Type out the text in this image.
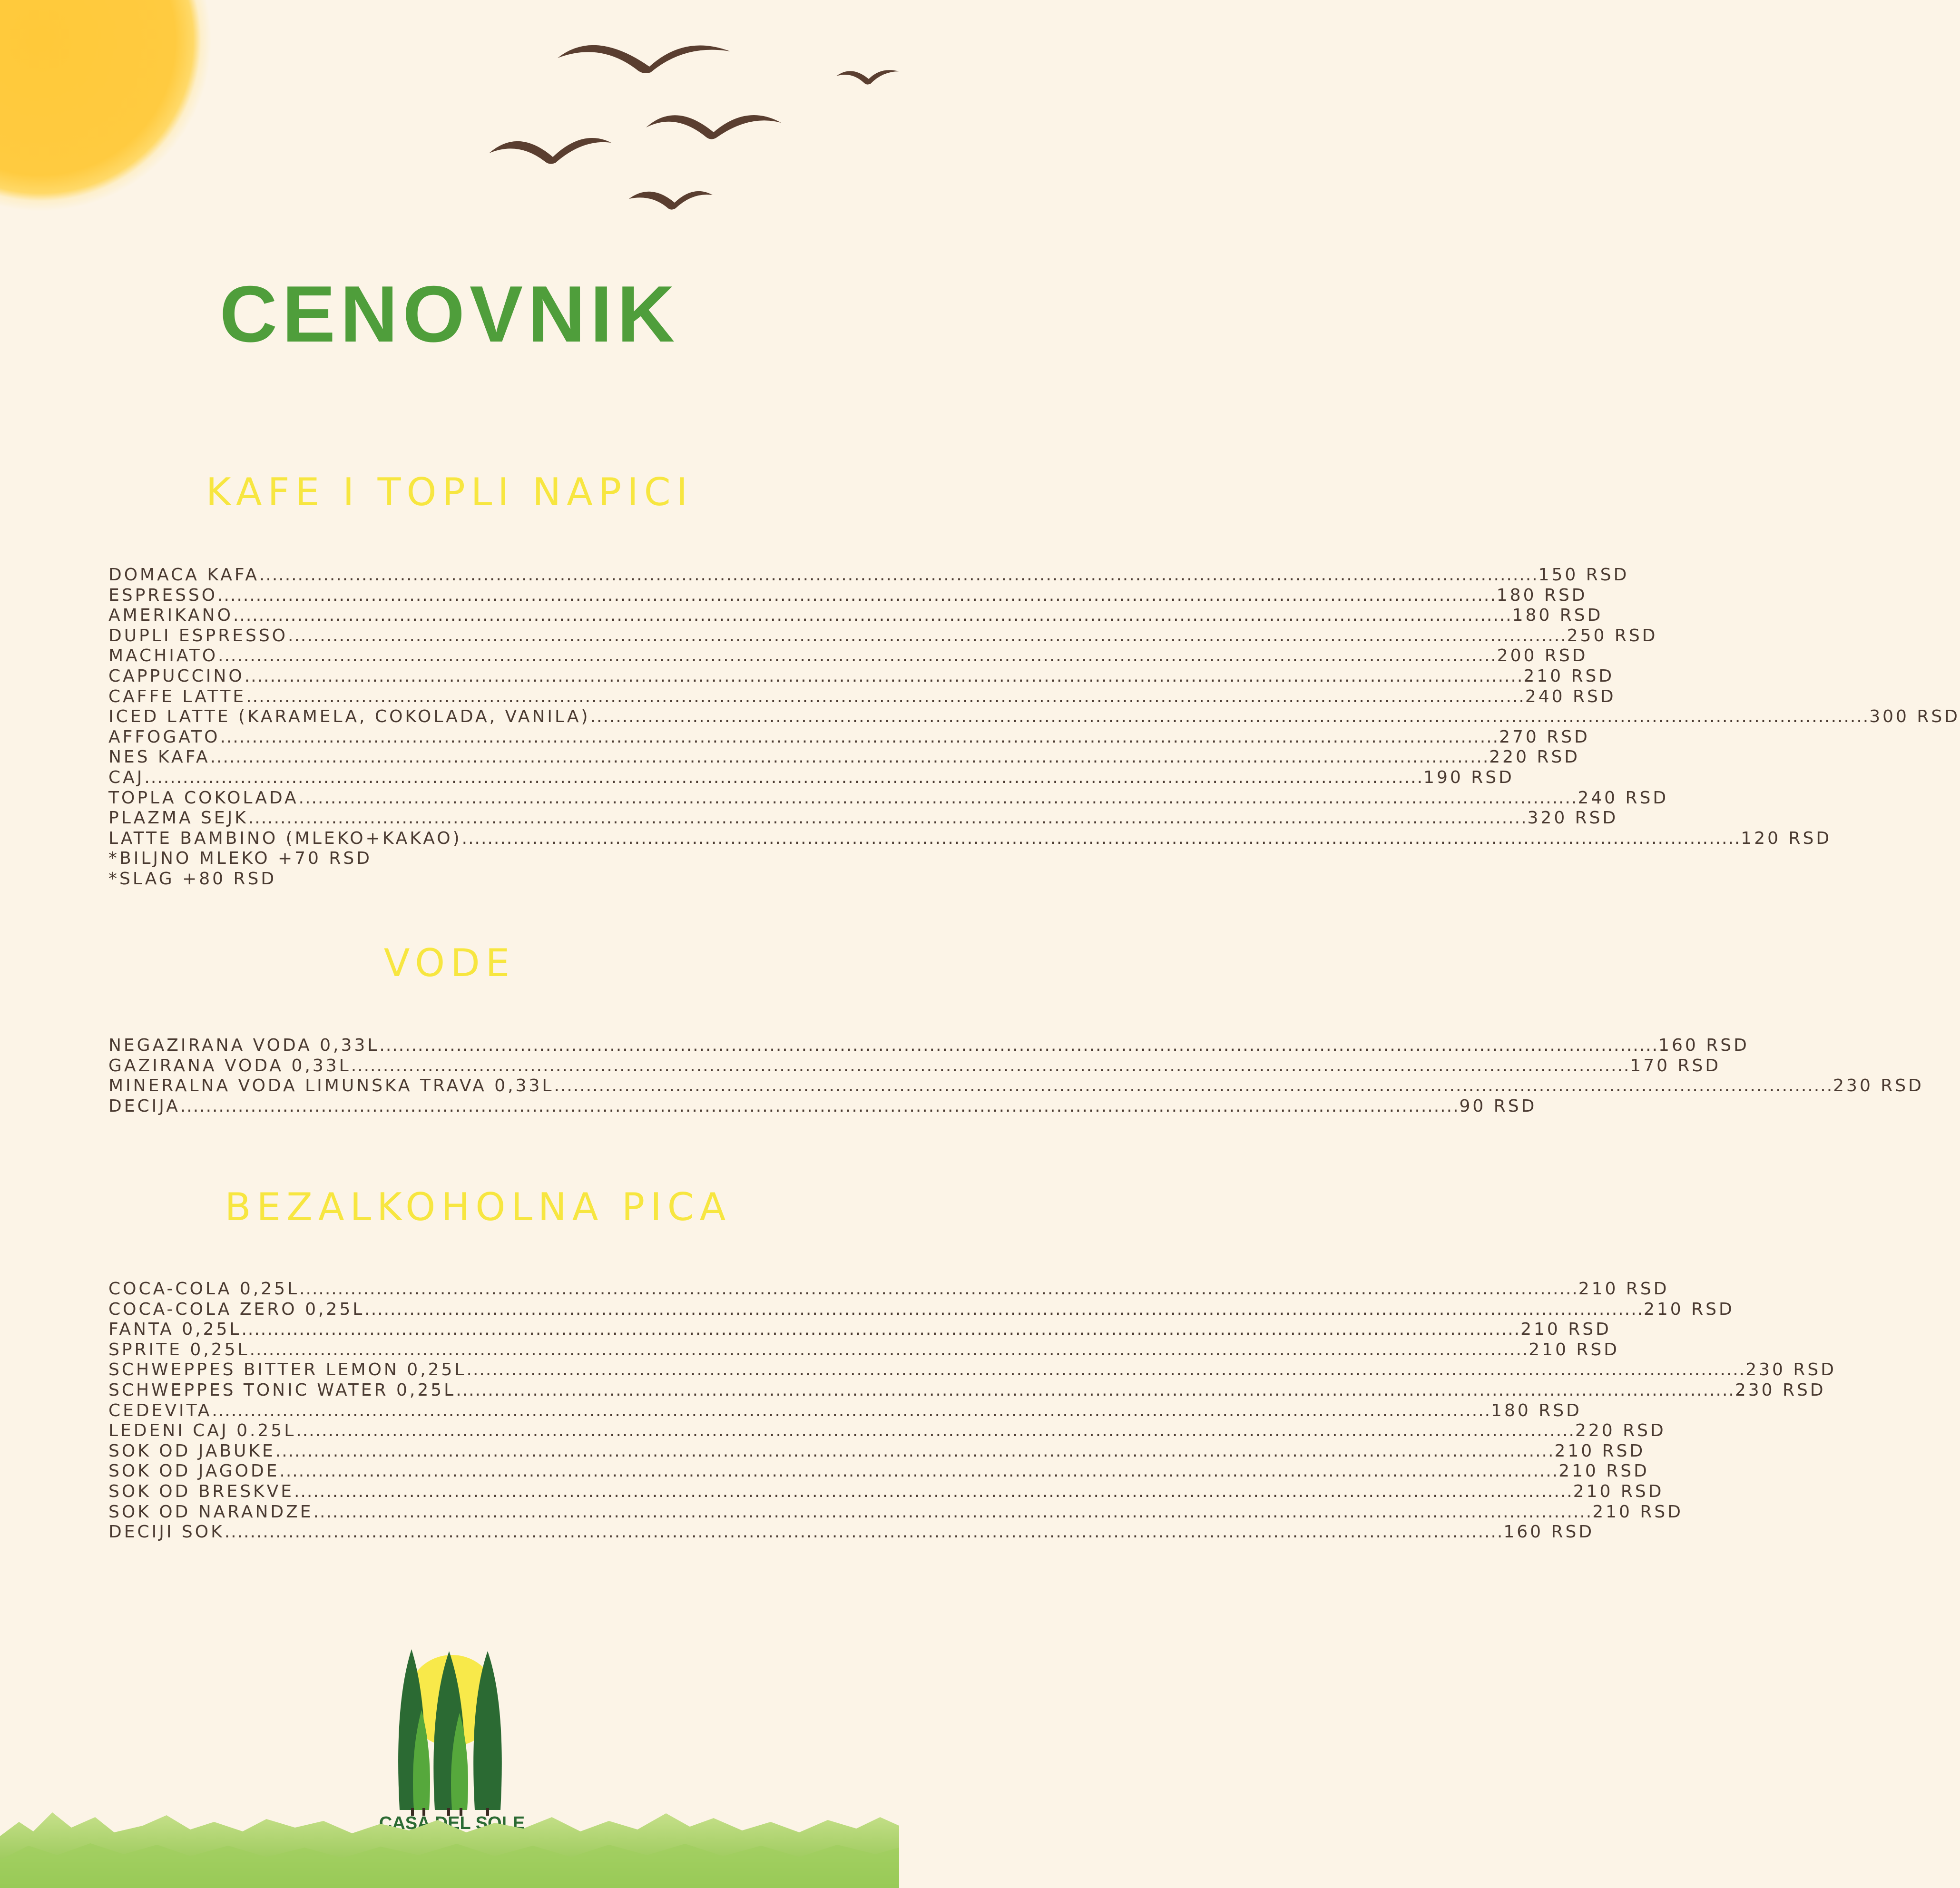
CENOVNIK
KAFE I TOPLI NAPICI
DOMACA KAFA ........................................................................................................................................................................................................ 150 RSD
ESPRESSO ........................................................................................................................................................................................................ 180 RSD
AMERIKANO ........................................................................................................................................................................................................ 180 RSD
DUPLI ESPRESSO ........................................................................................................................................................................................................ 250 RSD
MACHIATO ........................................................................................................................................................................................................ 200 RSD
CAPPUCCINO ........................................................................................................................................................................................................ 210 RSD
CAFFE LATTE ........................................................................................................................................................................................................ 240 RSD
ICED LATTE (KARAMELA, COKOLADA, VANILA) ........................................................................................................................................................................................................ 300 RSD
AFFOGATO ........................................................................................................................................................................................................ 270 RSD
NES KAFA ........................................................................................................................................................................................................ 220 RSD
CAJ ........................................................................................................................................................................................................ 190 RSD
TOPLA COKOLADA ........................................................................................................................................................................................................ 240 RSD
PLAZMA SEJK ........................................................................................................................................................................................................ 320 RSD
LATTE BAMBINO (MLEKO+KAKAO) ........................................................................................................................................................................................................ 120 RSD
*BILJNO MLEKO +70 RSD
*SLAG +80 RSD
VODE
NEGAZIRANA VODA 0,33L ........................................................................................................................................................................................................ 160 RSD
GAZIRANA VODA 0,33L ........................................................................................................................................................................................................ 170 RSD
MINERALNA VODA LIMUNSKA TRAVA 0,33L ........................................................................................................................................................................................................ 230 RSD
DECIJA ........................................................................................................................................................................................................ 90 RSD
BEZALKOHOLNA PICA
COCA-COLA 0,25L ........................................................................................................................................................................................................ 210 RSD
COCA-COLA ZERO 0,25L ........................................................................................................................................................................................................ 210 RSD
FANTA 0,25L ........................................................................................................................................................................................................ 210 RSD
SPRITE 0,25L ........................................................................................................................................................................................................ 210 RSD
SCHWEPPES BITTER LEMON 0,25L ........................................................................................................................................................................................................ 230 RSD
SCHWEPPES TONIC WATER 0,25L ........................................................................................................................................................................................................ 230 RSD
CEDEVITA ........................................................................................................................................................................................................ 180 RSD
LEDENI CAJ 0.25L ........................................................................................................................................................................................................ 220 RSD
SOK OD JABUKE ........................................................................................................................................................................................................ 210 RSD
SOK OD JAGODE ........................................................................................................................................................................................................ 210 RSD
SOK OD BRESKVE ........................................................................................................................................................................................................ 210 RSD
SOK OD NARANDZE ........................................................................................................................................................................................................ 210 RSD
DECIJI SOK ........................................................................................................................................................................................................ 160 RSD
CASA DEL SOLE
